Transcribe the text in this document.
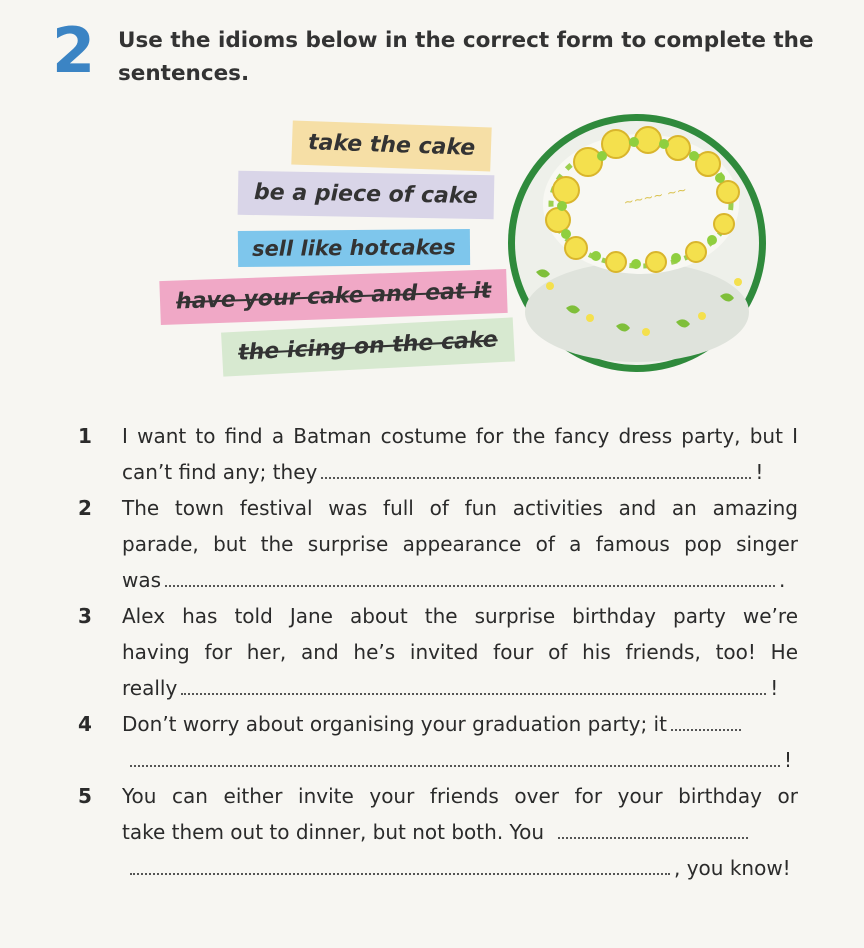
2 Use the idioms below in the correct form to complete the sentences.
take the cake
be a piece of cake
sell like hotcakes
have your cake and eat it
the icing on the cake
~~~~ ~~
1 I want to find a Batman costume for the fancy dress party, but I
can’t find any; they	!
2 The town festival was full of fun activities and an amazing
parade, but the surprise appearance of a famous pop singer
was	.
3 Alex has told Jane about the surprise birthday party we’re
having for her, and he’s invited four of his friends, too! He
really	!
4 Don’t worry about organising your graduation party; it
!
5 You can either invite your friends over for your birthday or
take them out to dinner, but not both. You
, you know!
